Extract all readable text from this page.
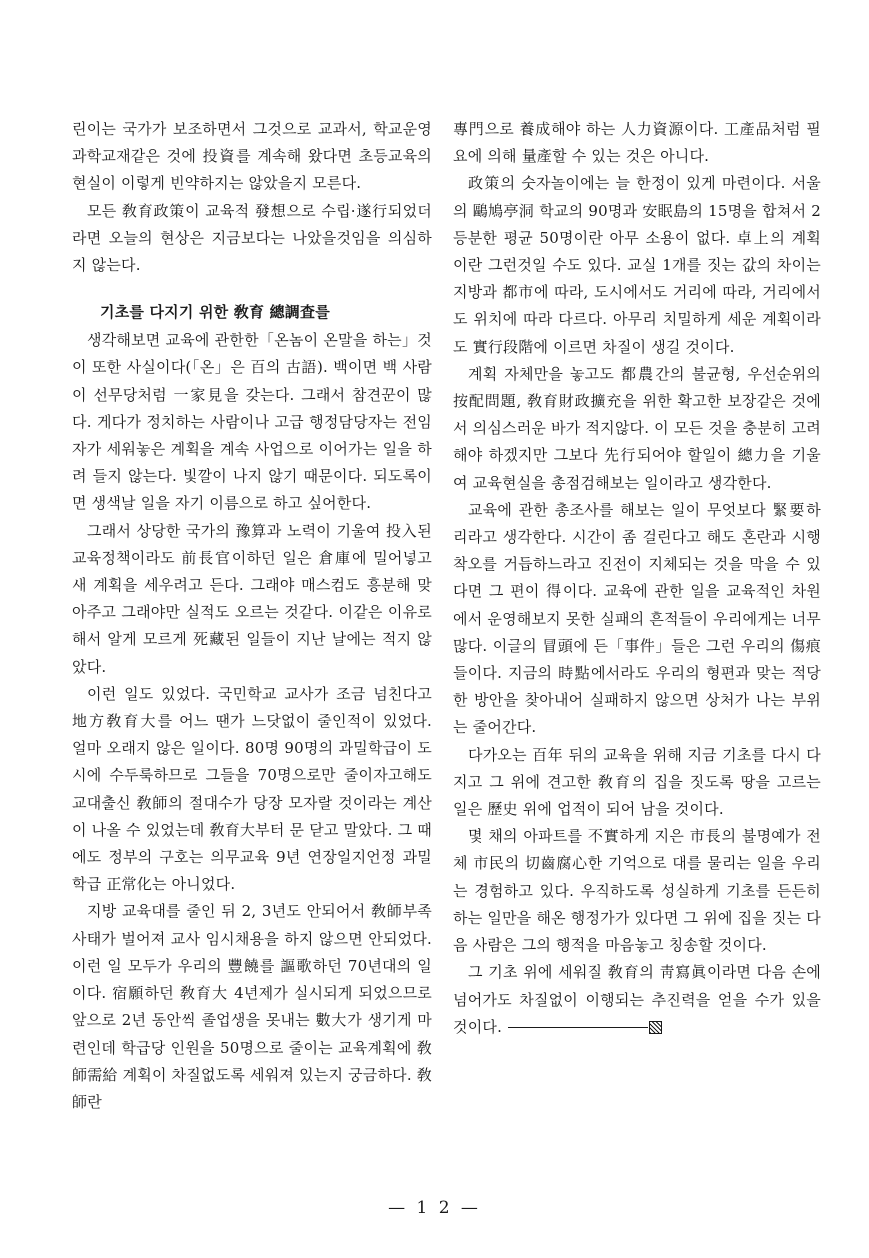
린이는 국가가 보조하면서 그것으로 교과서, 학교운영 과학교재같은 것에 投資를 계속해 왔다면 초등교육의 현실이 이렇게 빈약하지는 않았을지 모른다.

모든 敎育政策이 교육적 發想으로 수립·遂行되었더라면 오늘의 현상은 지금보다는 나았을것임을 의심하지 않는다.

기초를 다지기 위한 敎育 總調査를

생각해보면 교육에 관한한「온놈이 온말을 하는」것이 또한 사실이다(「온」은 百의 古語). 백이면 백 사람이 선무당처럼 一家見을 갖는다. 그래서 참견꾼이 많다. 게다가 정치하는 사람이나 고급 행정담당자는 전임자가 세워놓은 계획을 계속 사업으로 이어가는 일을 하려 들지 않는다. 빛깔이 나지 않기 때문이다. 되도록이면 생색날 일을 자기 이름으로 하고 싶어한다.

그래서 상당한 국가의 豫算과 노력이 기울여 投入된 교육정책이라도 前長官이하던 일은 倉庫에 밀어넣고 새 계획을 세우려고 든다. 그래야 매스컴도 흥분해 맞아주고 그래야만 실적도 오르는 것같다. 이같은 이유로 해서 알게 모르게 死藏된 일들이 지난 날에는 적지 않았다.

이런 일도 있었다. 국민학교 교사가 조금 넘친다고 地方敎育大를 어느 땐가 느닷없이 줄인적이 있었다. 얼마 오래지 않은 일이다. 80명 90명의 과밀학급이 도시에 수두룩하므로 그들을 70명으로만 줄이자고해도 교대출신 敎師의 절대수가 당장 모자랄 것이라는 계산이 나올 수 있었는데 敎育大부터 문 닫고 말았다. 그 때에도 정부의 구호는 의무교육 9년 연장일지언정 과밀학급 正常化는 아니었다.

지방 교육대를 줄인 뒤 2, 3년도 안되어서 敎師부족사태가 벌어져 교사 임시채용을 하지 않으면 안되었다. 이런 일 모두가 우리의 豐饒를 謳歌하던 70년대의 일이다. 宿願하던 敎育大 4년제가 실시되게 되었으므로 앞으로 2년 동안씩 졸업생을 못내는 數大가 생기게 마련인데 학급당 인원을 50명으로 줄이는 교육계획에 敎師需給 계획이 차질없도록 세워져 있는지 궁금하다. 敎師란

專門으로 養成해야 하는 人力資源이다. 工產品처럼 필요에 의해 量產할 수 있는 것은 아니다.

政策의 숫자놀이에는 늘 한정이 있게 마련이다. 서울의 鷗鳩亭洞 학교의 90명과 安眠島의 15명을 합쳐서 2등분한 평균 50명이란 아무 소용이 없다. 卓上의 계획이란 그런것일 수도 있다. 교실 1개를 짓는 값의 차이는 지방과 都市에 따라, 도시에서도 거리에 따라, 거리에서도 위치에 따라 다르다. 아무리 치밀하게 세운 계획이라도 實行段階에 이르면 차질이 생길 것이다.

계획 자체만을 놓고도 都農간의 불균형, 우선순위의 按配問題, 敎育財政擴充을 위한 확고한 보장같은 것에서 의심스러운 바가 적지않다. 이 모든 것을 충분히 고려해야 하겠지만 그보다 先行되어야 할일이 總力을 기울여 교육현실을 총점검해보는 일이라고 생각한다.

교육에 관한 총조사를 해보는 일이 무엇보다 緊要하리라고 생각한다. 시간이 좀 걸린다고 해도 혼란과 시행착오를 거듭하느라고 진전이 지체되는 것을 막을 수 있다면 그 편이 得이다. 교육에 관한 일을 교육적인 차원에서 운영해보지 못한 실패의 흔적들이 우리에게는 너무 많다. 이글의 冒頭에 든「事件」들은 그런 우리의 傷痕들이다. 지금의 時點에서라도 우리의 형편과 맞는 적당한 방안을 찾아내어 실패하지 않으면 상처가 나는 부위는 줄어간다.

다가오는 百年 뒤의 교육을 위해 지금 기초를 다시 다지고 그 위에 견고한 敎育의 집을 짓도록 땅을 고르는 일은 歷史 위에 업적이 되어 남을 것이다.

몇 채의 아파트를 不實하게 지은 市長의 불명예가 전체 市民의 切齒腐心한 기억으로 대를 물리는 일을 우리는 경험하고 있다. 우직하도록 성실하게 기초를 든든히 하는 일만을 해온 행정가가 있다면 그 위에 집을 짓는 다음 사람은 그의 행적을 마음놓고 칭송할 것이다.

그 기초 위에 세워질 敎育의 靑寫眞이라면 다음 손에 넘어가도 차질없이 이행되는 추진력을 얻을 수가 있을 것이다.

— 1 2 —
